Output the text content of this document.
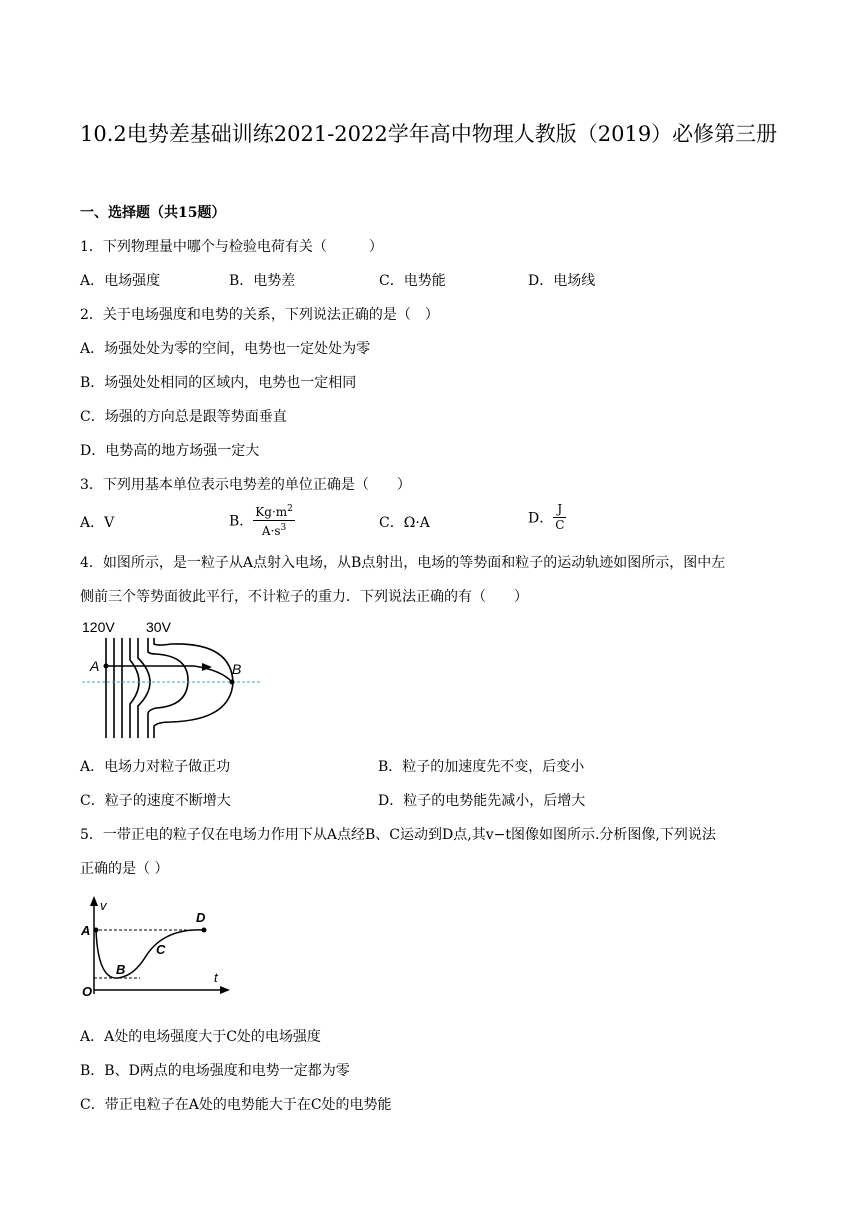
10.2电势差基础训练2021-2022学年高中物理人教版（2019）必修第三册
一、选择题（共15题）
1．下列物理量中哪个与检验电荷有关（　　　）
A．电场强度	B．电势差	C．电势能	D．电场线
2．关于电场强度和电势的关系，下列说法正确的是（　）
A．场强处处为零的空间，电势也一定处处为零
B．场强处处相同的区域内，电势也一定相同
C．场强的方向总是跟等势面垂直
D．电势高的地方场强一定大
3．下列用基本单位表示电势差的单位正确是（　　）
A．V	B． $\frac{Kg\cdot m^2}{A\cdot s^3}$	C．Ω·A	D． $\frac{J}{C}$
4．如图所示，是一粒子从A点射入电场，从B点射出，电场的等势面和粒子的运动轨迹如图所示，图中左
侧前三个等势面彼此平行，不计粒子的重力．下列说法正确的有（　　）
120V 30V
A	B
A．电场力对粒子做正功	B．粒子的加速度先不变，后变小
C．粒子的速度不断增大	D．粒子的电势能先减小，后增大
5．一带正电的粒子仅在电场力作用下从A点经B、C运动到D点,其v−t图像如图所示.分析图像,下列说法
正确的是（ ）
v
t
O
A
B
C
D
A．A处的电场强度大于C处的电场强度
B．B、D两点的电场强度和电势一定都为零
C．带正电粒子在A处的电势能大于在C处的电势能
